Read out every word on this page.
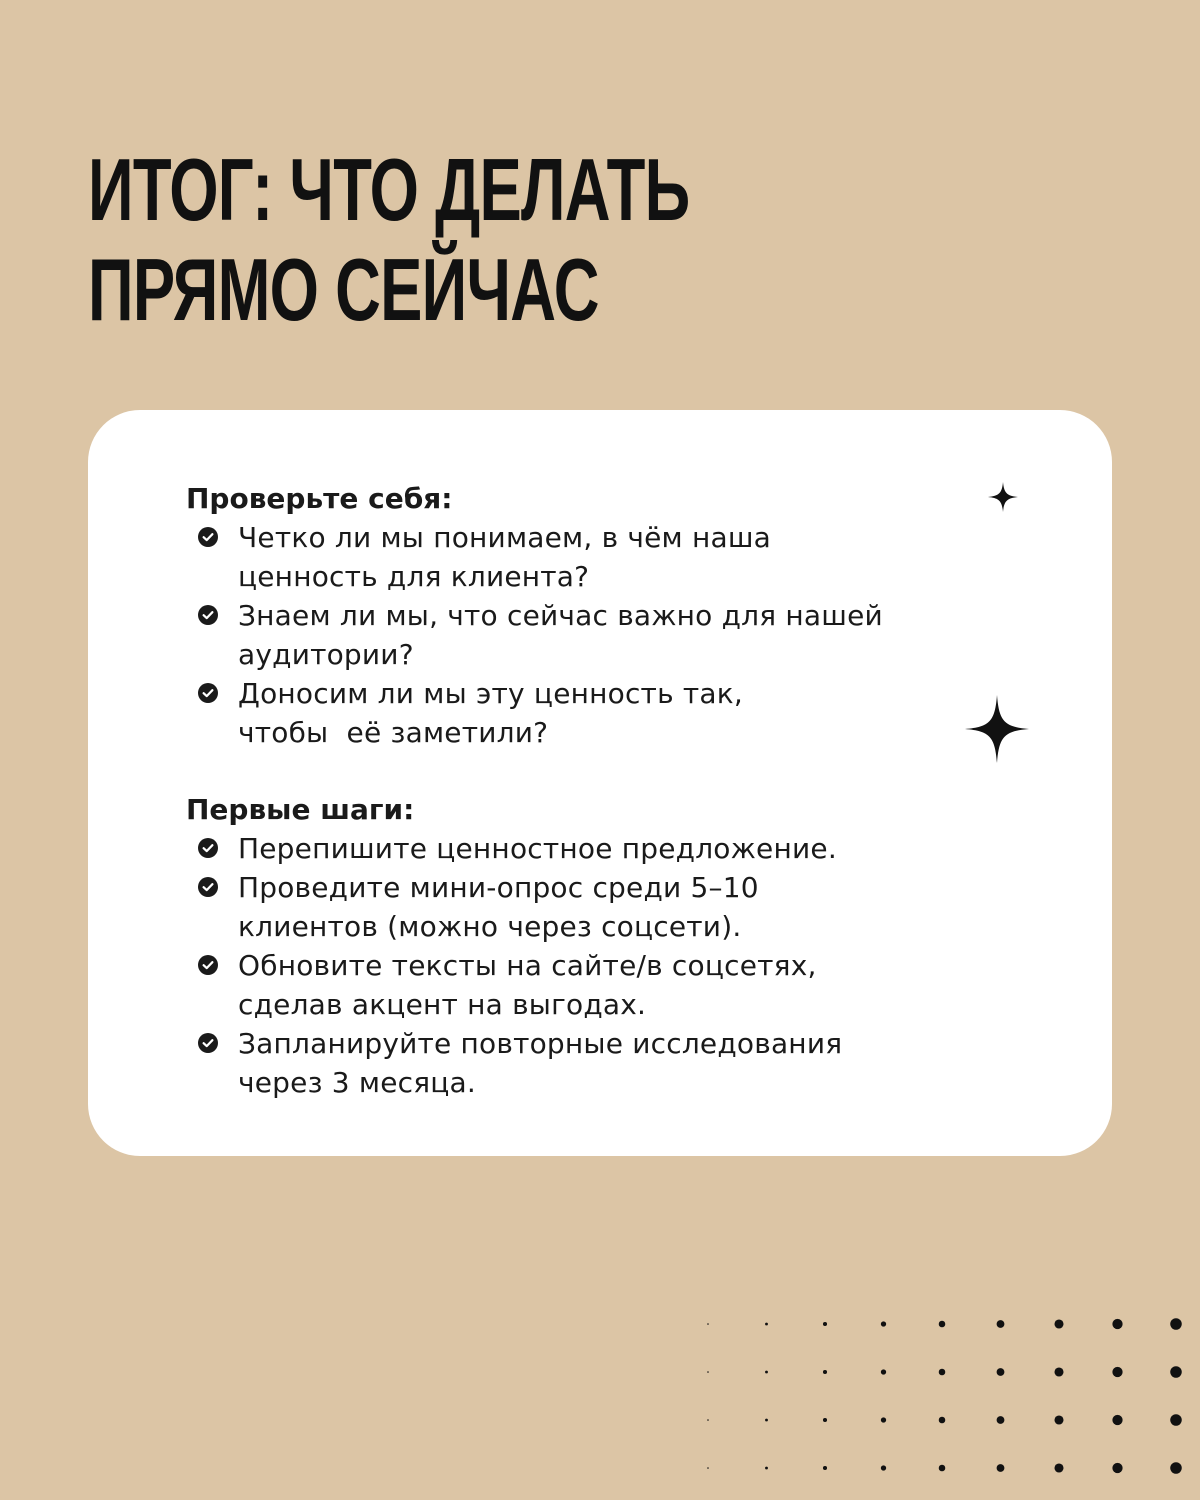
ИТОГ: ЧТО ДЕЛАТЬ
ПРЯМО СЕЙЧАС
Проверьте себя:
Четко ли мы понимаем, в чём наша
ценность для клиента?
Знаем ли мы, что сейчас важно для нашей
аудитории?
Доносим ли мы эту ценность так,
чтобы  её заметили?
Первые шаги:
Перепишите ценностное предложение.
Проведите мини-опрос среди 5–10
клиентов (можно через соцсети).
Обновите тексты на сайте/в соцсетях,
сделав акцент на выгодах.
Запланируйте повторные исследования
через 3 месяца.
